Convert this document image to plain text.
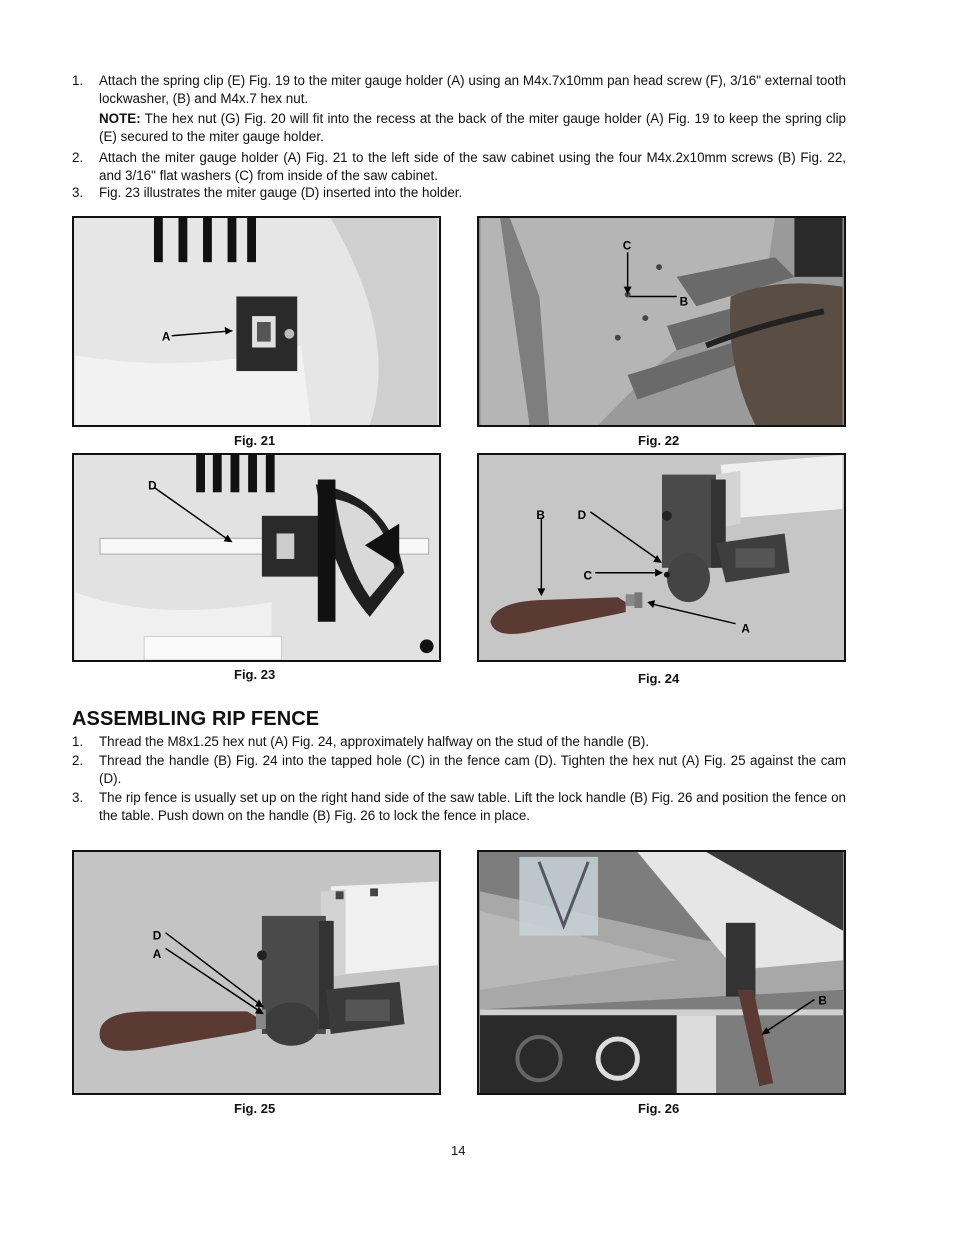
1. Attach the spring clip (E) Fig. 19 to the miter gauge holder (A) using an M4x.7x10mm pan head screw (F), 3/16" external tooth lockwasher, (B) and M4x.7 hex nut.
NOTE: The hex nut (G) Fig. 20 will fit into the recess at the back of the miter gauge holder (A) Fig. 19 to keep the spring clip (E) secured to the miter gauge holder.
2. Attach the miter gauge holder (A) Fig. 21 to the left side of the saw cabinet using the four M4x.2x10mm screws (B) Fig. 22, and 3/16" flat washers (C) from inside of the saw cabinet.
3. Fig. 23 illustrates the miter gauge (D) inserted into the holder.
A
Fig. 21
C
B
Fig. 22
D
Fig. 23
B	D
C
A
Fig. 24
ASSEMBLING RIP FENCE
1. Thread the M8x1.25 hex nut (A) Fig. 24, approximately halfway on the stud of the handle (B).
2. Thread the handle (B) Fig. 24 into the tapped hole (C) in the fence cam (D). Tighten the hex nut (A) Fig. 25 against the cam (D).
3. The rip fence is usually set up on the right hand side of the saw table. Lift the lock handle (B) Fig. 26 and position the fence on the table. Push down on the handle (B) Fig. 26 to lock the fence in place.
D
A
Fig. 25
B
Fig. 26
14
